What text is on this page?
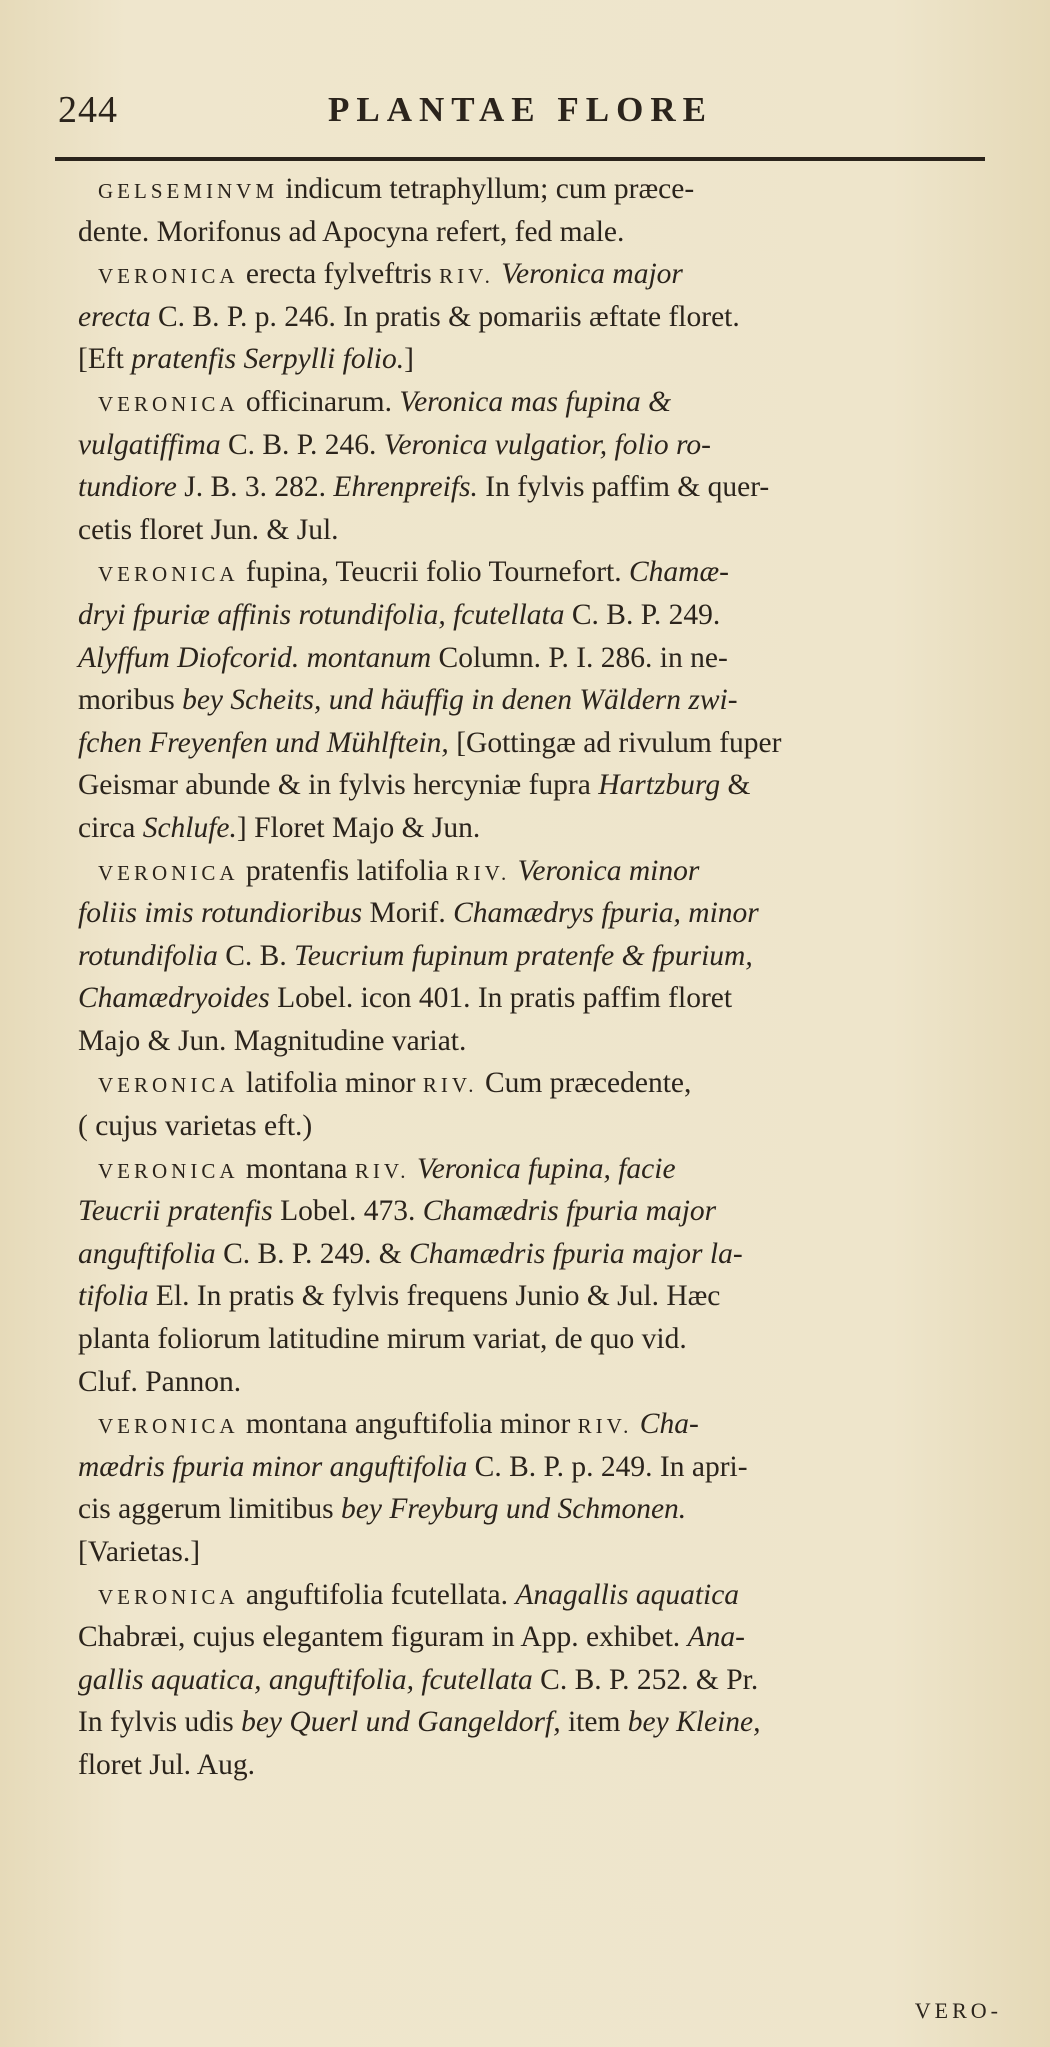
244	PLANTAE FLORE
GELSEMINVM indicum tetraphyllum; cum præce-
dente. Morifonus ad Apocyna refert, fed male.
VERONICA erecta fylveftris RIV. Veronica major
erecta C. B. P. p. 246. In pratis & pomariis æftate floret.
[Eft pratenfis Serpylli folio.]
VERONICA officinarum. Veronica mas fupina &
vulgatiffima C. B. P. 246. Veronica vulgatior, folio ro-
tundiore J. B. 3. 282. Ehrenpreifs. In fylvis paffim & quer-
cetis floret Jun. & Jul.
VERONICA fupina, Teucrii folio Tournefort. Chamæ-
dryi fpuriæ affinis rotundifolia, fcutellata C. B. P. 249.
Alyffum Diofcorid. montanum Column. P. I. 286. in ne-
moribus bey Scheits, und häuffig in denen Wäldern zwi-
fchen Freyenfen und Mühlftein, [Gottingæ ad rivulum fuper
Geismar abunde & in fylvis hercyniæ fupra Hartzburg &
circa Schlufe.] Floret Majo & Jun.
VERONICA pratenfis latifolia RIV. Veronica minor
foliis imis rotundioribus Morif. Chamædrys fpuria, minor
rotundifolia C. B. Teucrium fupinum pratenfe & fpurium,
Chamædryoides Lobel. icon 401. In pratis paffim floret
Majo & Jun. Magnitudine variat.
VERONICA latifolia minor RIV. Cum præcedente,
( cujus varietas eft.)
VERONICA montana RIV. Veronica fupina, facie
Teucrii pratenfis Lobel. 473. Chamædris fpuria major
anguftifolia C. B. P. 249. & Chamædris fpuria major la-
tifolia El. In pratis & fylvis frequens Junio & Jul. Hæc
planta foliorum latitudine mirum variat, de quo vid.
Cluf. Pannon.
VERONICA montana anguftifolia minor RIV. Cha-
mædris fpuria minor anguftifolia C. B. P. p. 249. In apri-
cis aggerum limitibus bey Freyburg und Schmonen.
[Varietas.]
VERONICA anguftifolia fcutellata. Anagallis aquatica
Chabræi, cujus elegantem figuram in App. exhibet. Ana-
gallis aquatica, anguftifolia, fcutellata C. B. P. 252. & Pr.
In fylvis udis bey Querl und Gangeldorf, item bey Kleine,
floret Jul. Aug.
VERO-
